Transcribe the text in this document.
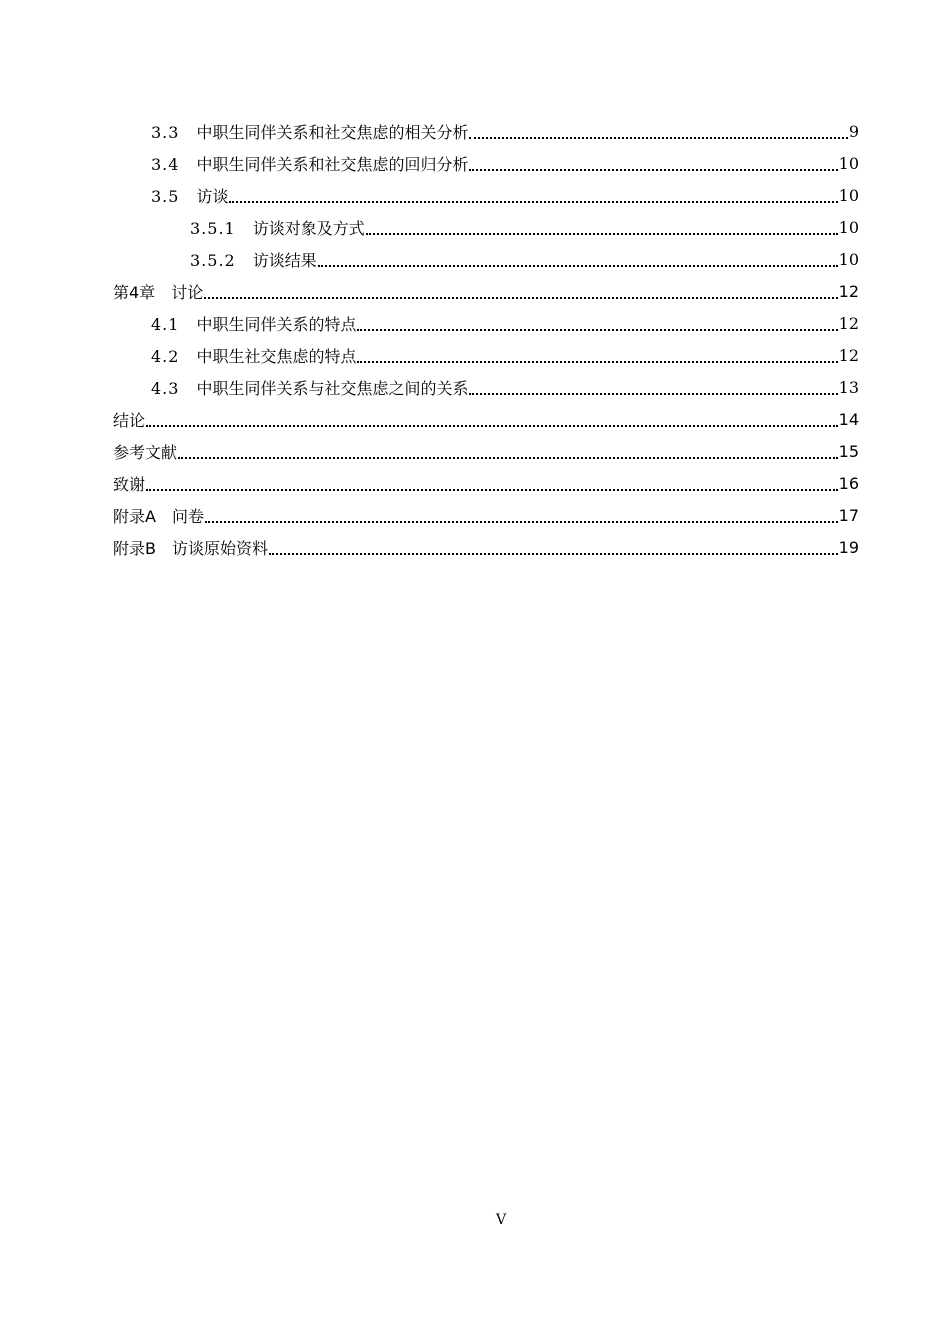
3.3　 中职生同伴关系和社交焦虑的相关分析	9
3.4　 中职生同伴关系和社交焦虑的回归分析	10
3.5　 访谈	10
3.5.1　 访谈对象及方式	10
3.5.2　 访谈结果	10
第4章　 讨论	12
4.1　 中职生同伴关系的特点	12
4.2　 中职生社交焦虑的特点	12
4.3　 中职生同伴关系与社交焦虑之间的关系	13
结论	14
参考文献	15
致谢	16
附录A　 问卷	17
附录B　 访谈原始资料	19
V
